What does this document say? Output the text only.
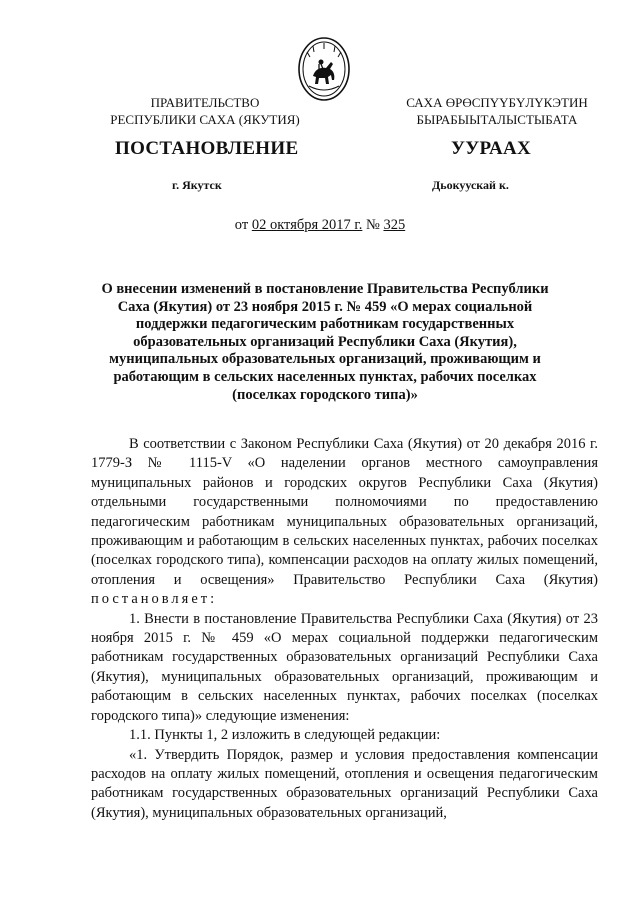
ПРАВИТЕЛЬСТВО
РЕСПУБЛИКИ САХА (ЯКУТИЯ)
САХА ӨРӨСПҮҮБҮЛҮКЭТИН
БЫРАБЫЫТАЛЫСТЫБАТА
ПОСТАНОВЛЕНИЕ	УУРААХ
г. Якутск	Дьокуускай к.
от 02 октября 2017 г. № 325
О внесении изменений в постановление Правительства Республики Саха (Якутия) от 23 ноября 2015 г. № 459 «О мерах социальной поддержки педагогическим работникам государственных образовательных организаций Республики Саха (Якутия), муниципальных образовательных организаций, проживающим и работающим в сельских населенных пунктах, рабочих поселках (поселках городского типа)»

В соответствии с Законом Республики Саха (Якутия) от 20 декабря 2016 г. 1779-З № 1115-V «О наделении органов местного самоуправления муниципальных районов и городских округов Республики Саха (Якутия) отдельными государственными полномочиями по предоставлению педагогическим работникам муниципальных образовательных организаций, проживающим и работающим в сельских населенных пунктах, рабочих поселках (поселках городского типа), компенсации расходов на оплату жилых помещений, отопления и освещения» Правительство Республики Саха (Якутия) постановляет:

1. Внести в постановление Правительства Республики Саха (Якутия) от 23 ноября 2015 г. № 459 «О мерах социальной поддержки педагогическим работникам государственных образовательных организаций Республики Саха (Якутия), муниципальных образовательных организаций, проживающим и работающим в сельских населенных пунктах, рабочих поселках (поселках городского типа)» следующие изменения:

1.1. Пункты 1, 2 изложить в следующей редакции:

«1. Утвердить Порядок, размер и условия предоставления компенсации расходов на оплату жилых помещений, отопления и освещения педагогическим работникам государственных образовательных организаций Республики Саха (Якутия), муниципальных образовательных организаций,
